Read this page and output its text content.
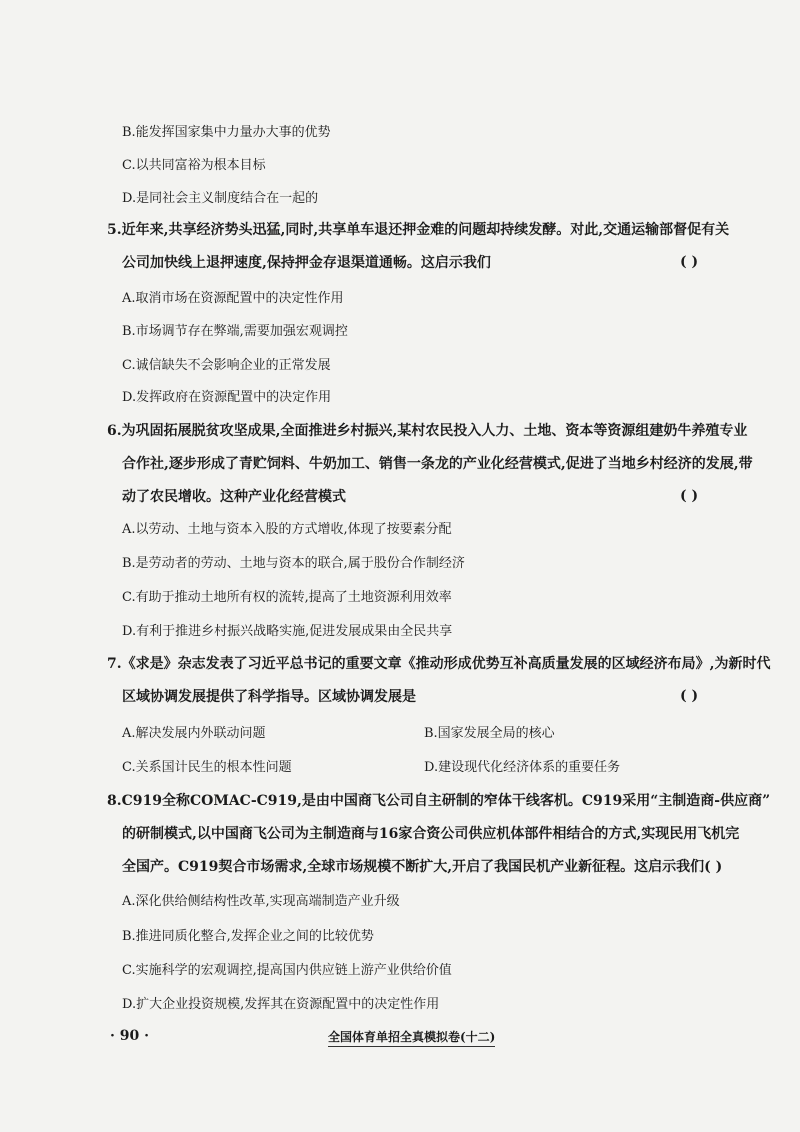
B.能发挥国家集中力量办大事的优势
C.以共同富裕为根本目标
D.是同社会主义制度结合在一起的
5.近年来,共享经济势头迅猛,同时,共享单车退还押金难的问题却持续发酵。对此,交通运输部督促有关
公司加快线上退押速度,保持押金存退渠道通畅。这启示我们	( )
A.取消市场在资源配置中的决定性作用
B.市场调节存在弊端,需要加强宏观调控
C.诚信缺失不会影响企业的正常发展
D.发挥政府在资源配置中的决定作用
6.为巩固拓展脱贫攻坚成果,全面推进乡村振兴,某村农民投入人力、土地、资本等资源组建奶牛养殖专业
合作社,逐步形成了青贮饲料、牛奶加工、销售一条龙的产业化经营模式,促进了当地乡村经济的发展,带
动了农民增收。这种产业化经营模式	( )
A.以劳动、土地与资本入股的方式增收,体现了按要素分配
B.是劳动者的劳动、土地与资本的联合,属于股份合作制经济
C.有助于推动土地所有权的流转,提高了土地资源利用效率
D.有利于推进乡村振兴战略实施,促进发展成果由全民共享
7.《求是》杂志发表了习近平总书记的重要文章《推动形成优势互补高质量发展的区域经济布局》,为新时代
区域协调发展提供了科学指导。区域协调发展是	( )
A.解决发展内外联动问题	B.国家发展全局的核心
C.关系国计民生的根本性问题	D.建设现代化经济体系的重要任务
8.C919全称COMAC-C919,是由中国商飞公司自主研制的窄体干线客机。C919采用“主制造商-供应商”
的研制模式,以中国商飞公司为主制造商与16家合资公司供应机体部件相结合的方式,实现民用飞机完
全国产。C919契合市场需求,全球市场规模不断扩大,开启了我国民机产业新征程。这启示我们( )
A.深化供给侧结构性改革,实现高端制造产业升级
B.推进同质化整合,发挥企业之间的比较优势
C.实施科学的宏观调控,提高国内供应链上游产业供给价值
D.扩大企业投资规模,发挥其在资源配置中的决定性作用
· 90 ·	全国体育单招全真模拟卷(十二)
